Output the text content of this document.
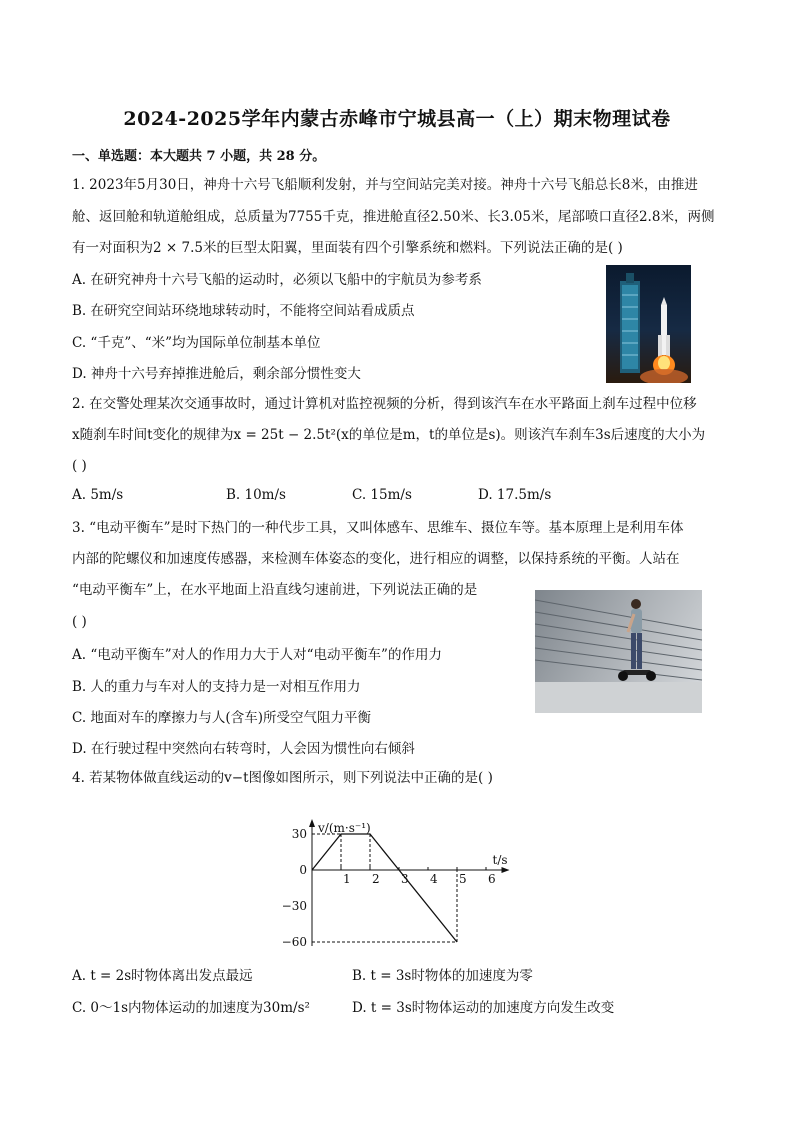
2024-2025学年内蒙古赤峰市宁城县高一（上）期末物理试卷
一、单选题：本大题共 7 小题，共 28 分。
1. 2023年5月30日，神舟十六号飞船顺利发射，并与空间站完美对接。神舟十六号飞船总长8米，由推进
舱、返回舱和轨道舱组成，总质量为7755千克，推进舱直径2.50米、长3.05米，尾部喷口直径2.8米，两侧
有一对面积为2 × 7.5米的巨型太阳翼，里面装有四个引擎系统和燃料。下列说法正确的是( )
A. 在研究神舟十六号飞船的运动时，必须以飞船中的宇航员为参考系
B. 在研究空间站环绕地球转动时，不能将空间站看成质点
C. “千克”、“米”均为国际单位制基本单位
D. 神舟十六号弃掉推进舱后，剩余部分惯性变大
2. 在交警处理某次交通事故时，通过计算机对监控视频的分析，得到该汽车在水平路面上刹车过程中位移
x随刹车时间t变化的规律为x = 25t − 2.5t²(x的单位是m，t的单位是s)。则该汽车刹车3s后速度的大小为
( )
A. 5m/s	B. 10m/s	C. 15m/s	D. 17.5m/s
3. “电动平衡车”是时下热门的一种代步工具，又叫体感车、思维车、摄位车等。基本原理上是利用车体
内部的陀螺仪和加速度传感器，来检测车体姿态的变化，进行相应的调整，以保持系统的平衡。人站在
“电动平衡车”上，在水平地面上沿直线匀速前进，下列说法正确的是
( )
A. “电动平衡车”对人的作用力大于人对“电动平衡车”的作用力
B. 人的重力与车对人的支持力是一对相互作用力
C. 地面对车的摩擦力与人(含车)所受空气阻力平衡
D. 在行驶过程中突然向右转弯时，人会因为惯性向右倾斜
4. 若某物体做直线运动的v−t图像如图所示，则下列说法中正确的是( )
v/(m·s⁻¹)
t/s
1 2 3 4 5 6
30
0
−30
−60
A. t = 2s时物体离出发点最远	B. t = 3s时物体的加速度为零
C. 0～1s内物体运动的加速度为30m/s²	D. t = 3s时物体运动的加速度方向发生改变
